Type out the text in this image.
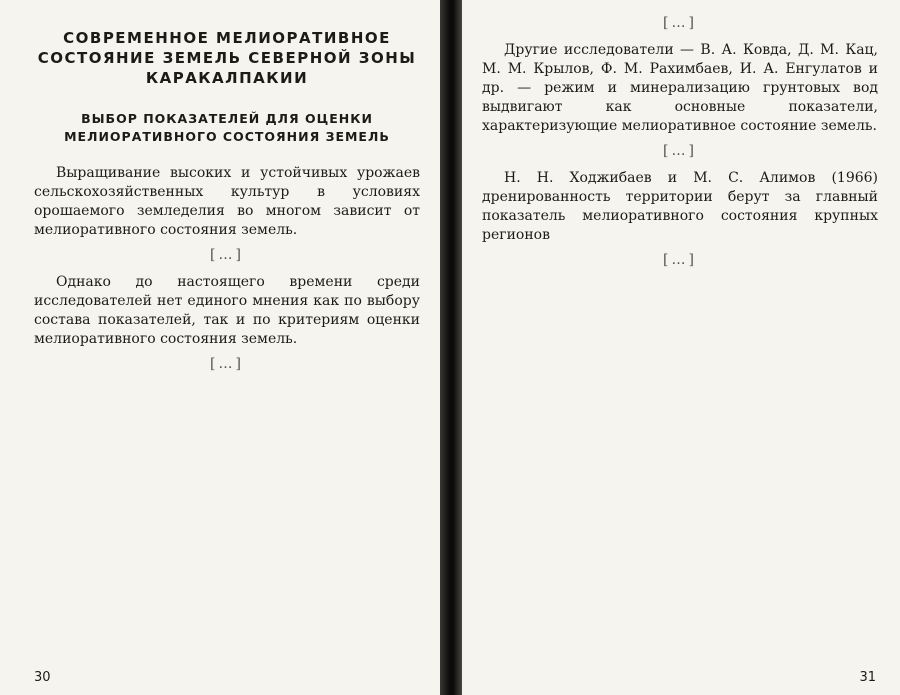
СОВРЕМЕННОЕ МЕЛИОРАТИВНОЕ СОСТОЯНИЕ ЗЕМЕЛЬ СЕВЕРНОЙ ЗОНЫ КАРАКАЛПАКИИ
ВЫБОР ПОКАЗАТЕЛЕЙ ДЛЯ ОЦЕНКИ МЕЛИОРАТИВНОГО СОСТОЯНИЯ ЗЕМЕЛЬ

Выращивание высоких и устойчивых урожаев сельскохозяйственных культур в условиях орошаемого земледелия во многом зависит от мелиоративного состояния земель.

[…]

Однако до настоящего времени среди исследователей нет единого мнения как по выбору состава показателей, так и по критериям оценки мелиоративного состояния земель.

[…]
30
[…]

Другие исследователи — В. А. Ковда, Д. М. Кац, М. М. Крылов, Ф. М. Рахимбаев, И. А. Енгулатов и др. — режим и минерализацию грунтовых вод выдвигают как основные показатели, характеризующие мелиоративное состояние земель.

[…]

Н. Н. Ходжибаев и М. С. Алимов (1966) дренированность территории берут за главный показатель мелиоративного состояния крупных регионов

[…]
31
